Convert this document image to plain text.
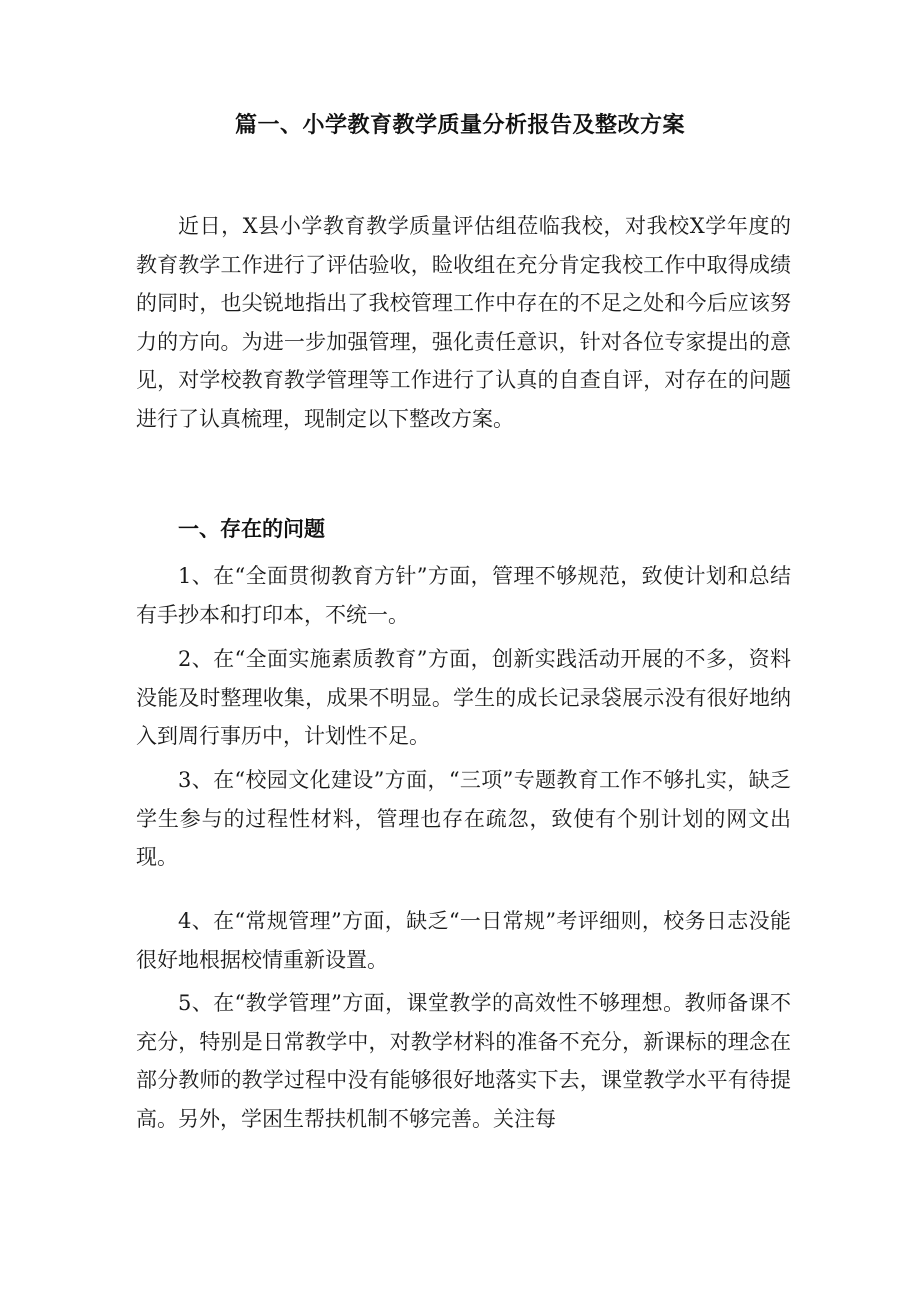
篇一、小学教育教学质量分析报告及整改方案

近日，X县小学教育教学质量评估组莅临我校，对我校X学年度的教育教学工作进行了评估验收，睑收组在充分肯定我校工作中取得成绩的同时，也尖锐地指出了我校管理工作中存在的不足之处和今后应该努力的方向。为进一步加强管理，强化责任意识，针对各位专家提出的意见，对学校教育教学管理等工作进行了认真的自查自评，对存在的问题进行了认真梳理，现制定以下整改方案。

一、存在的问题

1、在“全面贯彻教育方针”方面，管理不够规范，致使计划和总结有手抄本和打印本，不统一。

2、在“全面实施素质教育”方面，创新实践活动开展的不多，资料没能及时整理收集，成果不明显。学生的成长记录袋展示没有很好地纳入到周行事历中，计划性不足。

3、在“校园文化建设”方面，“三项”专题教育工作不够扎实，缺乏学生参与的过程性材料，管理也存在疏忽，致使有个别计划的网文出现。

4、在“常规管理”方面，缺乏“一日常规”考评细则，校务日志没能很好地根据校情重新设置。

5、在“教学管理”方面，课堂教学的高效性不够理想。教师备课不充分，特别是日常教学中，对教学材料的准备不充分，新课标的理念在部分教师的教学过程中没有能够很好地落实下去，课堂教学水平有待提高。另外，学困生帮扶机制不够完善。关注每
